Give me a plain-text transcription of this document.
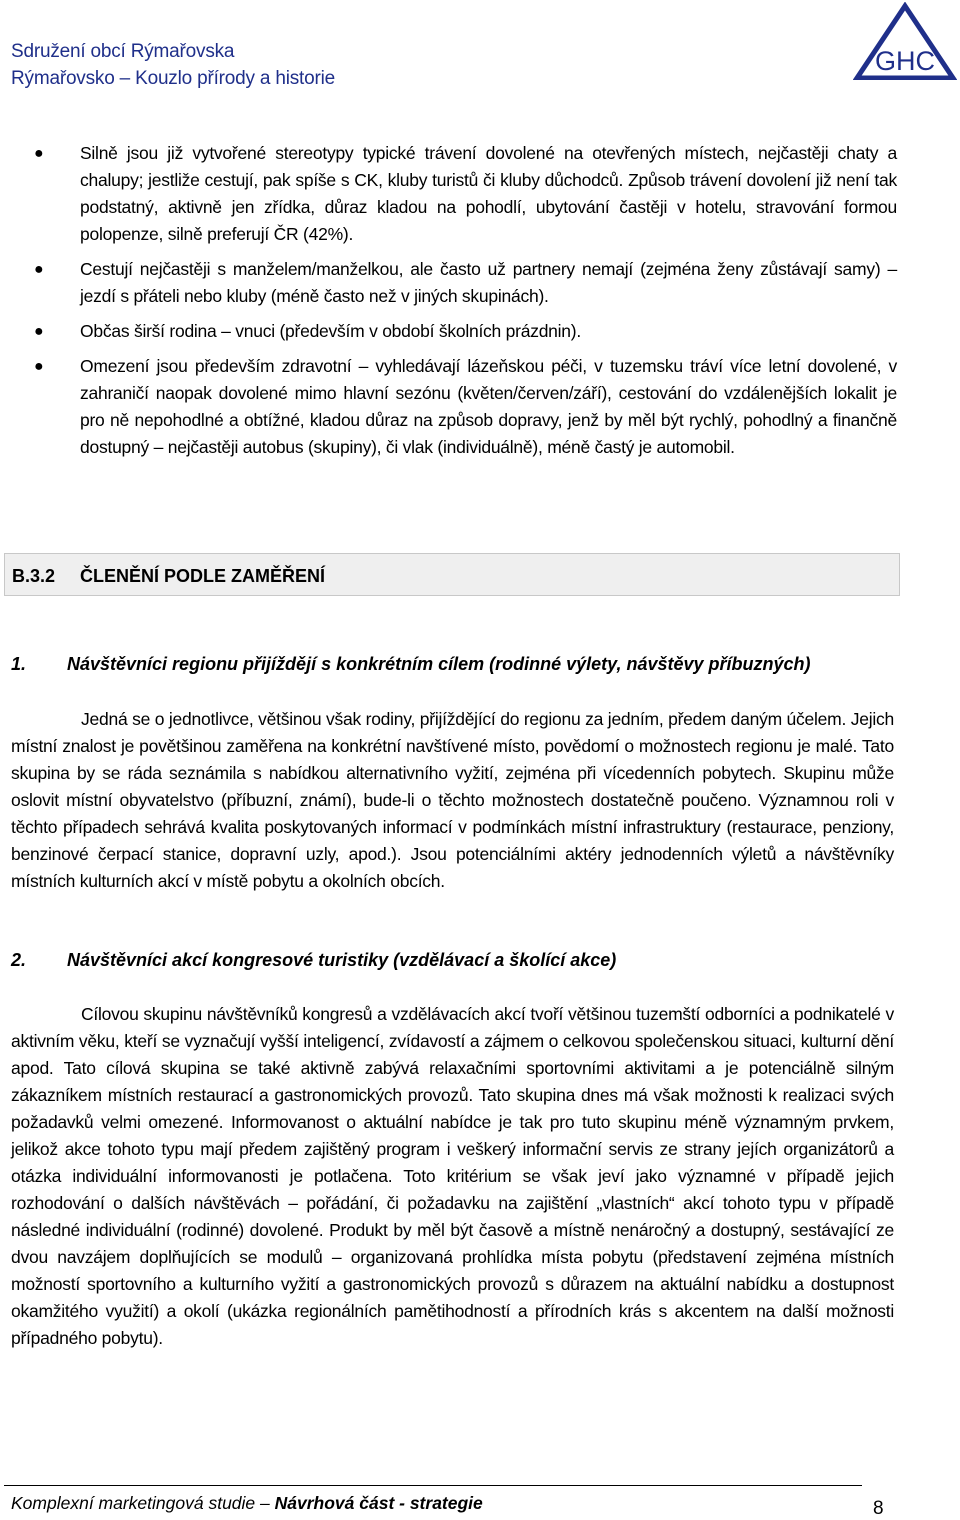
Sdružení obcí Rýmařovska
Rýmařovsko – Kouzlo přírody a historie
GHC
● Silně jsou již vytvořené stereotypy typické trávení dovolené na otevřených místech, nejčastěji chaty a chalupy; jestliže cestují, pak spíše s CK, kluby turistů či kluby důchodců. Způsob trávení dovolení již není tak podstatný, aktivně jen zřídka, důraz kladou na pohodlí, ubytování častěji v hotelu, stravování formou polopenze, silně preferují ČR (42%).
● Cestují nejčastěji s manželem/manželkou, ale často už partnery nemají (zejména ženy zůstávají samy) – jezdí s přáteli nebo kluby (méně často než v jiných skupinách).
● Občas širší rodina – vnuci (především v období školních prázdnin).
● Omezení jsou především zdravotní – vyhledávají lázeňskou péči, v tuzemsku tráví více letní dovolené, v zahraničí naopak dovolené mimo hlavní sezónu (květen/červen/září), cestování do vzdálenějších lokalit je pro ně nepohodlné a obtížné, kladou důraz na způsob dopravy, jenž by měl být rychlý, pohodlný a finančně dostupný – nejčastěji autobus (skupiny), či vlak (individuálně), méně častý je automobil.
B.3.2 ČLENĚNÍ PODLE ZAMĚŘENÍ
1. Návštěvníci regionu přijíždějí s konkrétním cílem (rodinné výlety, návštěvy příbuzných)
Jedná se o jednotlivce, většinou však rodiny, přijíždějící do regionu za jedním, předem daným účelem. Jejich místní znalost je povětšinou zaměřena na konkrétní navštívené místo, povědomí o možnostech regionu je malé. Tato skupina by se ráda seznámila s nabídkou alternativního vyžití, zejména při vícedenních pobytech. Skupinu může oslovit místní obyvatelstvo (příbuzní, známí), bude-li o těchto možnostech dostatečně poučeno. Významnou roli v těchto případech sehrává kvalita poskytovaných informací v podmínkách místní infrastruktury (restaurace, penziony, benzinové čerpací stanice, dopravní uzly, apod.). Jsou potenciálními aktéry jednodenních výletů a návštěvníky místních kulturních akcí v místě pobytu a okolních obcích.
2. Návštěvníci akcí kongresové turistiky (vzdělávací a školící akce)
Cílovou skupinu návštěvníků kongresů a vzdělávacích akcí tvoří většinou tuzemští odborníci a podnikatelé v aktivním věku, kteří se vyznačují vyšší inteligencí, zvídavostí a zájmem o celkovou společenskou situaci, kulturní dění apod. Tato cílová skupina se také aktivně zabývá relaxačními sportovními aktivitami a je potenciálně silným zákazníkem místních restaurací a gastronomických provozů. Tato skupina dnes má však možnosti k realizaci svých požadavků velmi omezené. Informovanost o aktuální nabídce je tak pro tuto skupinu méně významným prvkem, jelikož akce tohoto typu mají předem zajištěný program i veškerý informační servis ze strany jejích organizátorů a otázka individuální informovanosti je potlačena. Toto kritérium se však jeví jako významné v případě jejich rozhodování o dalších návštěvách – pořádání, či požadavku na zajištění „vlastních“ akcí tohoto typu v případě následné individuální (rodinné) dovolené. Produkt by měl být časově a místně nenáročný a dostupný, sestávající ze dvou navzájem doplňujících se modulů – organizovaná prohlídka místa pobytu (představení zejména místních možností sportovního a kulturního vyžití a gastronomických provozů s důrazem na aktuální nabídku a dostupnost okamžitého využití) a okolí (ukázka regionálních pamětihodností a přírodních krás s akcentem na další možnosti případného pobytu).
Komplexní marketingová studie – Návrhová část - strategie	8
